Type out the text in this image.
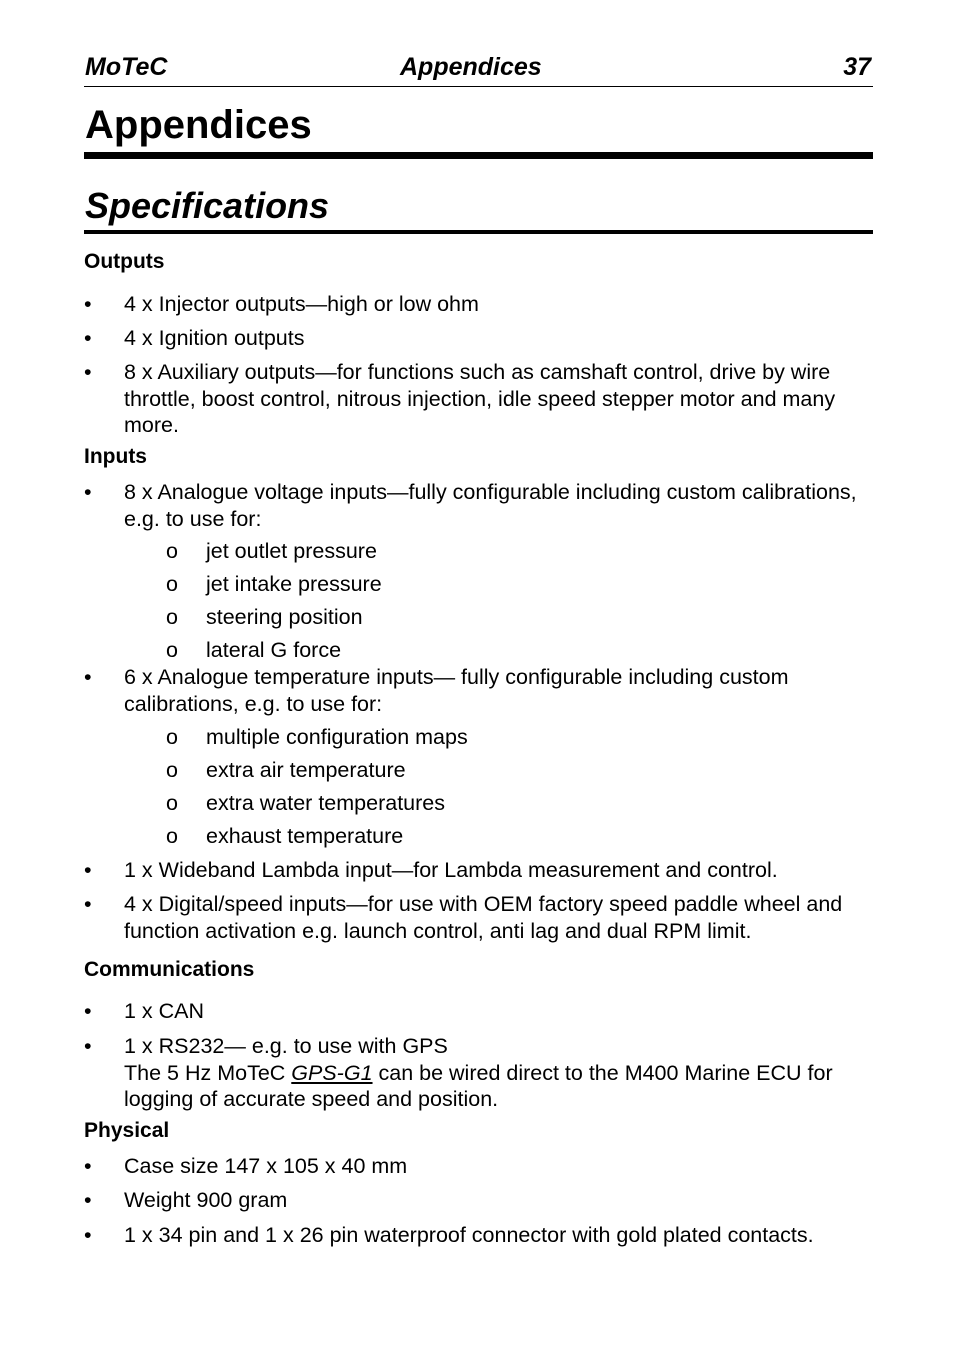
MoTeC	Appendices	37
Appendices
Specifications
Outputs
•	4 x Injector outputs—high or low ohm
•	4 x Ignition outputs
•	8 x Auxiliary outputs—for functions such as camshaft control, drive by wire throttle, boost control, nitrous injection, idle speed stepper motor and many more.
Inputs
•	8 x Analogue voltage inputs—fully configurable including custom calibrations, e.g. to use for:
o jet outlet pressure
o jet intake pressure
o steering position
o lateral G force
•	6 x Analogue temperature inputs— fully configurable including custom calibrations, e.g. to use for:
o multiple configuration maps
o extra air temperature
o extra water temperatures
o exhaust temperature
•	1 x Wideband Lambda input—for Lambda measurement and control.
•	4 x Digital/speed inputs—for use with OEM factory speed paddle wheel and function activation e.g. launch control, anti lag and dual RPM limit.
Communications
•	1 x CAN
•	1 x RS232— e.g. to use with GPS
The 5 Hz MoTeC GPS-G1 can be wired direct to the M400 Marine ECU for logging of accurate speed and position.
Physical
•	Case size 147 x 105 x 40 mm
•	Weight 900 gram
•	1 x 34 pin and 1 x 26 pin waterproof connector with gold plated contacts.
